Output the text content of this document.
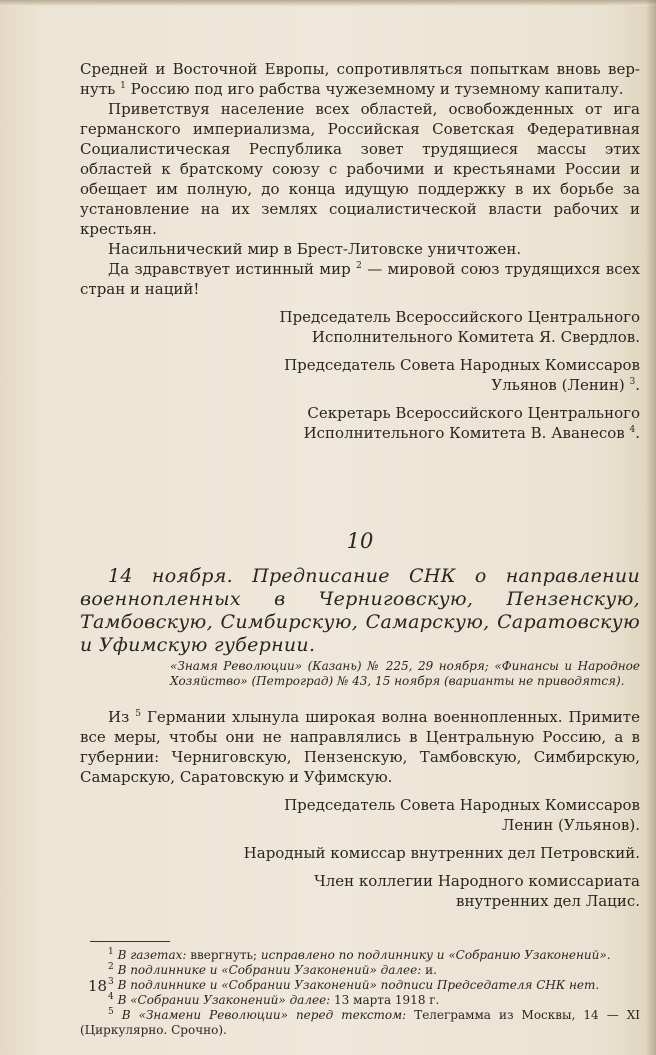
Средней и Восточной Европы, сопротивляться попыткам вновь вер-нуть $^1$ Россию под иго рабства чужеземному и туземному капиталу.

Приветствуя население всех областей, освобожденных от ига германского империализма, Российская Советская Федеративная Социалистическая Республика зовет трудящиеся массы этих областей к братскому союзу с рабочими и крестьянами России и обещает им полную, до конца идущую поддержку в их борьбе за установление на их землях социалистической власти рабочих и крестьян.

Насильнический мир в Брест-Литовске уничтожен.

Да здравствует истинный мир $^2$ — мировой союз трудящихся всех стран и наций!

Председатель Всероссийского Центрального
Исполнительного Комитета Я. Свердлов.
Председатель Совета Народных Комиссаров
Ульянов (Ленин) $^3$.
Секретарь Всероссийского Центрального
Исполнительного Комитета В. Аванесов $^4$.
10

14 ноября. Предписание СНК о направлении военнопленных в Черниговскую, Пензенскую, Тамбовскую, Симбирскую, Самарскую, Саратовскую и Уфимскую губернии.

«Знамя Революции» (Казань) № 225, 29 ноября; «Финансы и Народное Хозяйство» (Петроград) № 43, 15 ноября (варианты не приводятся).

Из $^5$ Германии хлынула широкая волна военнопленных. Примите все меры, чтобы они не направлялись в Центральную Россию, а в губернии: Черниговскую, Пензенскую, Тамбовскую, Симбирскую, Самарскую, Саратовскую и Уфимскую.

Председатель Совета Народных Комиссаров
Ленин (Ульянов).
Народный комиссар внутренних дел Петровский.
Член коллегии Народного комиссариата
внутренних дел Лацис.

$^1$ В газетах: ввергнуть; исправлено по подлиннику и «Собранию Узаконений».

$^2$ В подлиннике и «Собрании Узаконений» далее: и.

$^3$ В подлиннике и «Собрании Узаконений» подписи Председателя СНК нет.

$^4$ В «Собрании Узаконений» далее: 13 марта 1918 г.

$^5$ В «Знамени Революции» перед текстом: Телеграмма из Москвы, 14 — XI (Циркулярно. Срочно).

18
